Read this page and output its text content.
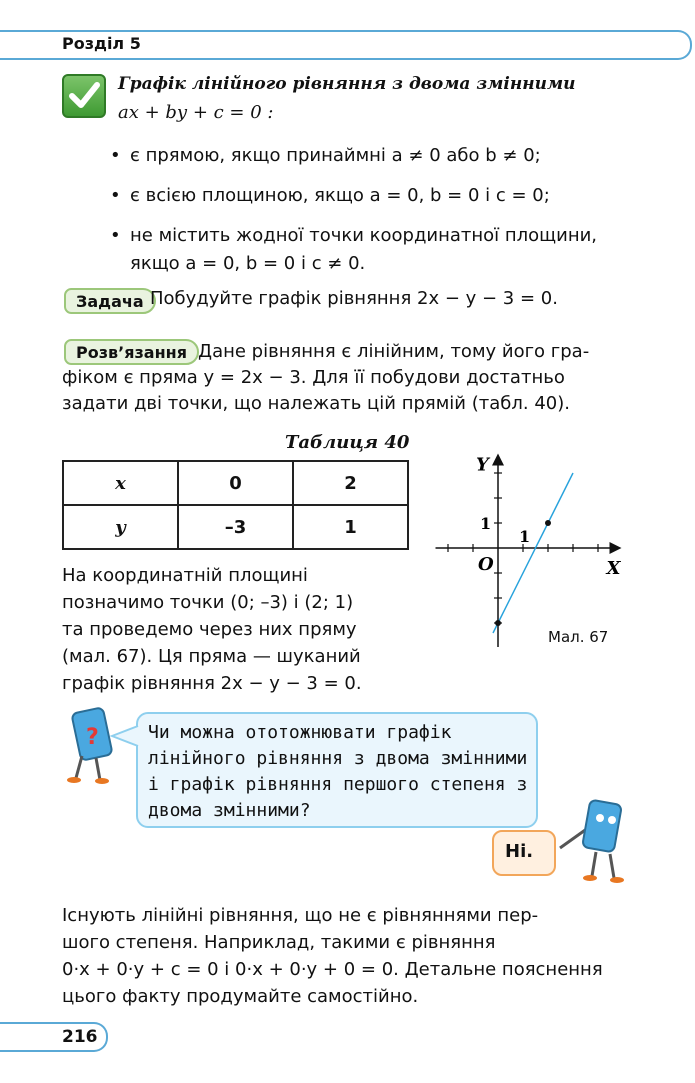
Розділ 5
Графік лінійного рівняння з двома змінними
ax + by + c = 0 :
• є прямою, якщо принаймні a ≠ 0 або b ≠ 0;
• є всією площиною, якщо a = 0, b = 0 і c = 0;
• не містить жодної точки координатної площини, якщо a = 0, b = 0 і c ≠ 0.
Задача Побудуйте графік рівняння 2x − y − 3 = 0.
Розв’язання Дане рівняння є лінійним, тому його гра-
фіком є пряма y = 2x − 3. Для її побудови достатньо
задати дві точки, що належать цій прямій (табл. 40).
Таблиця 40
x	0	2
y	–3	1
На координатній площині
позначимо точки (0; –3) і (2; 1)
та проведемо через них пряму
(мал. 67). Ця пряма — шуканий
графік рівняння 2x − y − 3 = 0.
X
Y
O
1
1
Мал. 67
?	Чи можна ототожнювати графік лінійного рівняння з двома змінними і графік рівняння першого степеня з двома змінними?
Ні.
Існують лінійні рівняння, що не є рівняннями пер-
шого степеня. Наприклад, такими є рівняння
0·x + 0·y + c = 0 і 0·x + 0·y + 0 = 0. Детальне пояснення
цього факту продумайте самостійно.
216
